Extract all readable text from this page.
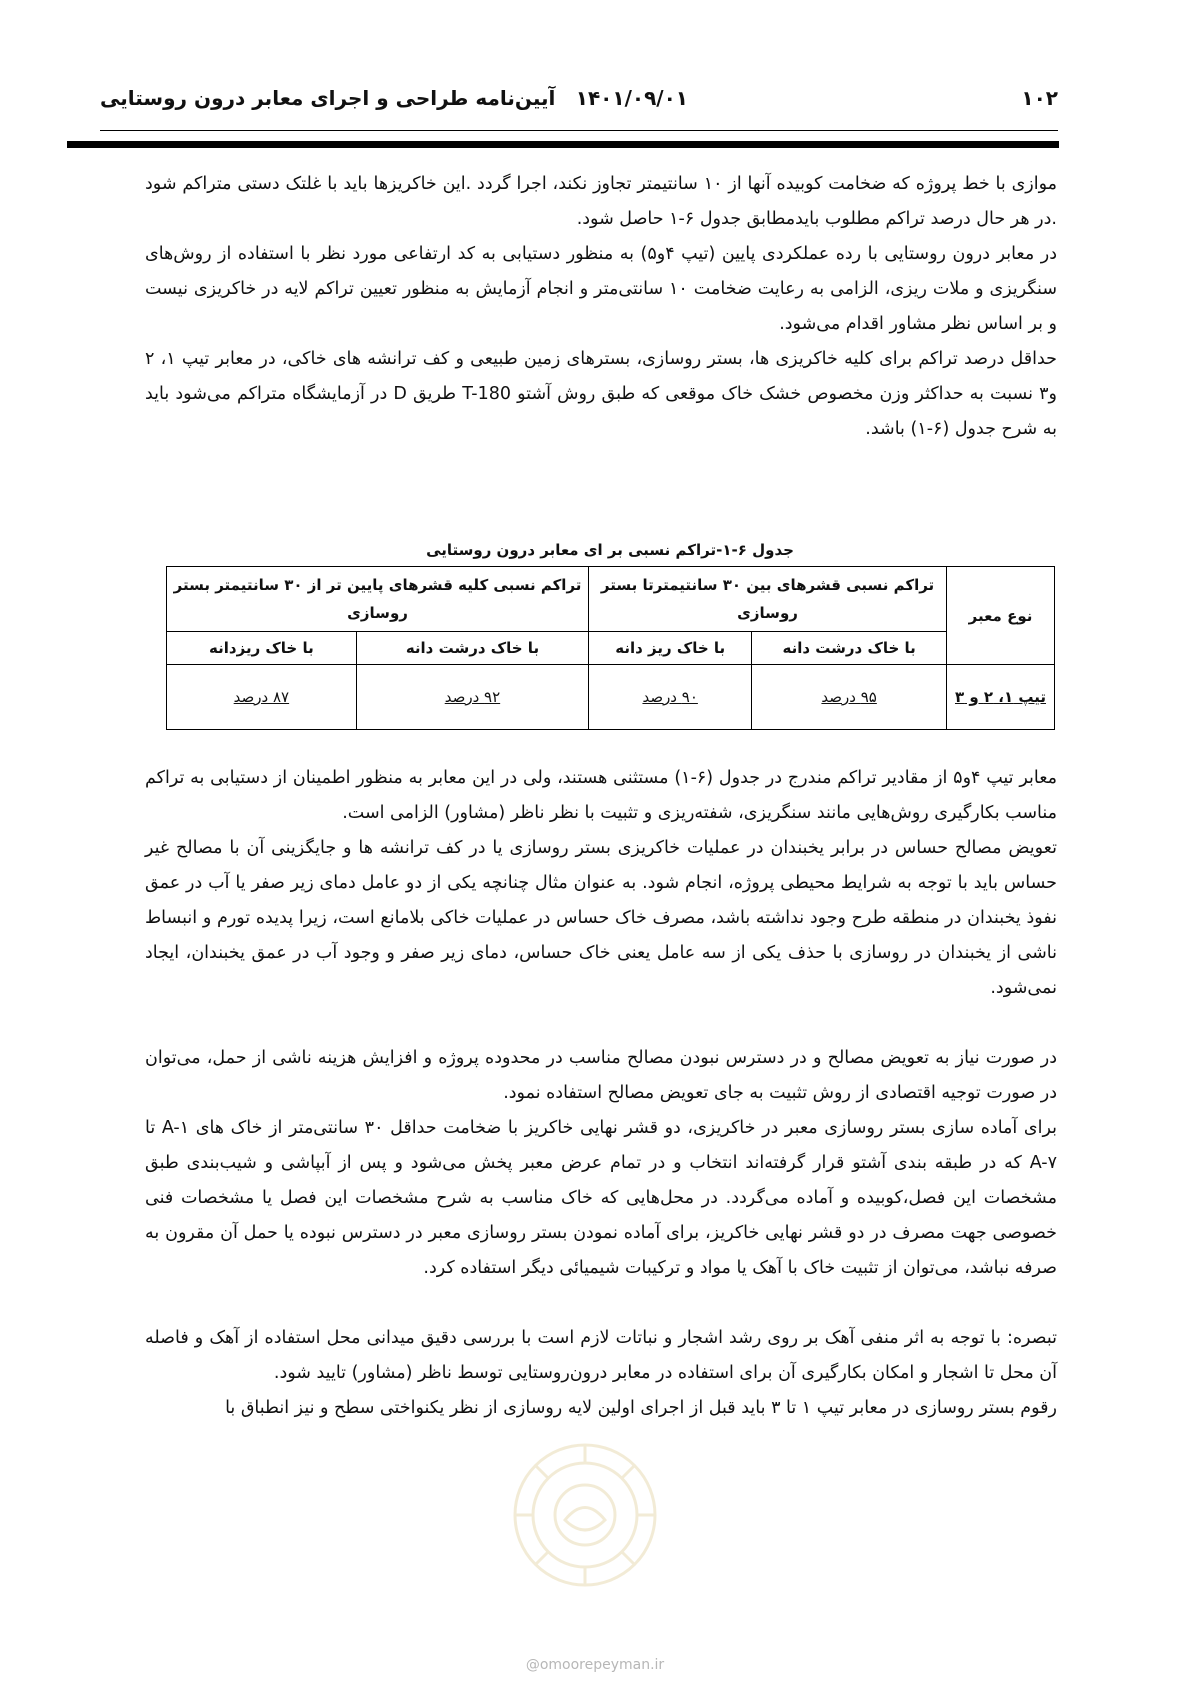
۱۰۲
۱۴۰۱/۰۹/۰۱
آیین‌نامه طراحی و اجرای معابر درون روستایی

موازی با خط پروژه که ضخامت کوبیده آنها از ۱۰ سانتیمتر تجاوز نکند، اجرا گردد .این خاکریزها باید با غلتک دستی متراکم شود .در هر حال درصد تراکم مطلوب بایدمطابق جدول ۶-۱ حاصل شود.

در معابر درون روستایی با رده عملکردی پایین (تیپ ۴و۵) به منظور دستیابی به کد ارتفاعی مورد نظر با استفاده از روش‌های سنگریزی و ملات ریزی، الزامی به رعایت ضخامت ۱۰ سانتی‌متر و انجام آزمایش به منظور تعیین تراکم لایه در خاکریزی نیست و بر اساس نظر مشاور اقدام می‌شود.

حداقل درصد تراکم برای کلیه خاکریزی ها، بستر روسازی، بسترهای زمین طبیعی و کف ترانشه های خاکی، در معابر تیپ ۱، ۲ و۳ نسبت به حداکثر وزن مخصوص خشک خاک موقعی که طبق روش آشتو T-180 طریق D در آزمایشگاه متراکم می‌شود باید به شرح جدول (۶-۱) باشد.

جدول ۶-۱-تراکم نسبی بر ای معابر درون روستایی
نوع معبر	تراکم نسبی قشرهای بین ۳۰ سانتیمترتا بستر روسازی		تراکم نسبی کلیه قشرهای پایین تر از ۳۰ سانتیمتر بستر روسازی	
	با خاک درشت دانه	با خاک ریز دانه	با خاک درشت دانه	با خاک ریزدانه
تیپ ۱، ۲ و ۳	۹۵ درصد	۹۰ درصد	۹۲ درصد	۸۷ درصد

معابر تیپ ۴و۵ از مقادیر تراکم مندرج در جدول (۶-۱) مستثنی هستند، ولی در این معابر به منظور اطمینان از دستیابی به تراکم مناسب بکارگیری روش‌هایی مانند سنگریزی، شفته‌ریزی و تثبیت با نظر ناظر (مشاور) الزامی است.

تعویض مصالح حساس در برابر یخبندان در عملیات خاکریزی بستر روسازی یا در کف ترانشه ها و جایگزینی آن با مصالح غیر حساس باید با توجه به شرایط محیطی پروژه، انجام شود. به عنوان مثال چنانچه یکی از دو عامل دمای زیر صفر یا آب در عمق نفوذ یخبندان در منطقه طرح وجود نداشته باشد، مصرف خاک حساس در عملیات خاکی بلامانع است، زیرا پدیده تورم و انبساط ناشی از یخبندان در روسازی با حذف یکی از سه عامل یعنی خاک حساس، دمای زیر صفر و وجود آب در عمق یخبندان، ایجاد نمی‌شود.

در صورت نیاز به تعویض مصالح و در دسترس نبودن مصالح مناسب در محدوده پروژه و افزایش هزینه ناشی از حمل، می‌توان در صورت توجیه اقتصادی از روش تثبیت به جای تعویض مصالح استفاده نمود.

برای آماده سازی بستر روسازی معبر در خاکریزی، دو قشر نهایی خاکریز با ضخامت حداقل ۳۰ سانتی‌متر از خاک های A-۱ تا A-۷ که در طبقه بندی آشتو قرار گرفته‌اند انتخاب و در تمام عرض معبر پخش می‌شود و پس از آبپاشی و شیب‌بندی طبق مشخصات این فصل،کوبیده و آماده می‌گردد. در محل‌هایی که خاک مناسب به شرح مشخصات این فصل یا مشخصات فنی خصوصی جهت مصرف در دو قشر نهایی خاکریز، برای آماده نمودن بستر روسازی معبر در دسترس نبوده یا حمل آن مقرون به صرفه نباشد، می‌توان از تثبیت خاک با آهک یا مواد و ترکیبات شیمیائی دیگر استفاده کرد.

تبصره: با توجه به اثر منفی آهک بر روی رشد اشجار و نباتات لازم است با بررسی دقیق میدانی محل استفاده از آهک و فاصله آن محل تا اشجار و امکان بکارگیری آن برای استفاده در معابر درون‌روستایی توسط ناظر (مشاور) تایید شود.

رقوم بستر روسازی در معابر تیپ ۱ تا ۳ باید قبل از اجرای اولین لایه روسازی از نظر یکنواختی سطح و نیز انطباق با

@omoorepeyman.ir
